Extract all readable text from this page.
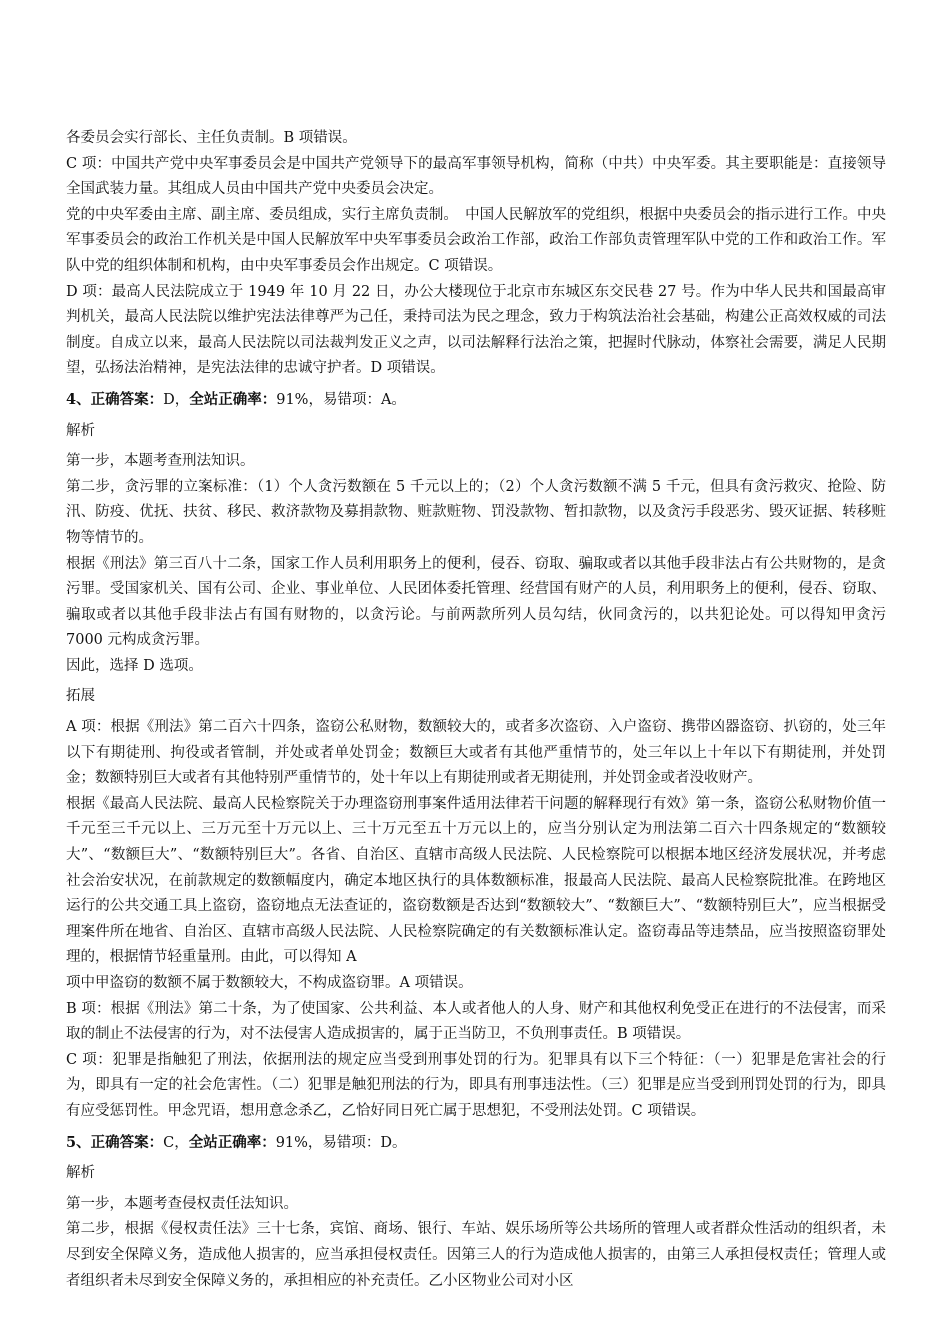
各委员会实行部长、主任负责制。B 项错误。

C 项：中国共产党中央军事委员会是中国共产党领导下的最高军事领导机构，简称（中共）中央军委。其主要职能是：直接领导全国武装力量。其组成人员由中国共产党中央委员会决定。

党的中央军委由主席、副主席、委员组成，实行主席负责制。　中国人民解放军的党组织，根据中央委员会的指示进行工作。中央军事委员会的政治工作机关是中国人民解放军中央军事委员会政治工作部，政治工作部负责管理军队中党的工作和政治工作。军队中党的组织体制和机构，由中央军事委员会作出规定。C 项错误。

D 项：最高人民法院成立于 1949 年 10 月 22 日，办公大楼现位于北京市东城区东交民巷 27 号。作为中华人民共和国最高审判机关，最高人民法院以维护宪法法律尊严为己任，秉持司法为民之理念，致力于构筑法治社会基础，构建公正高效权威的司法制度。自成立以来，最高人民法院以司法裁判发正义之声，以司法解释行法治之策，把握时代脉动，体察社会需要，满足人民期望，弘扬法治精神，是宪法法律的忠诚守护者。D 项错误。

4、正确答案：D，全站正确率：91%，易错项：A。

解析

第一步，本题考查刑法知识。

第二步，贪污罪的立案标准：（1）个人贪污数额在 5 千元以上的；（2）个人贪污数额不满 5 千元，但具有贪污救灾、抢险、防汛、防疫、优抚、扶贫、移民、救济款物及募捐款物、赃款赃物、罚没款物、暂扣款物，以及贪污手段恶劣、毁灭证据、转移赃物等情节的。

根据《刑法》第三百八十二条，国家工作人员利用职务上的便利，侵吞、窃取、骗取或者以其他手段非法占有公共财物的，是贪污罪。受国家机关、国有公司、企业、事业单位、人民团体委托管理、经营国有财产的人员，利用职务上的便利，侵吞、窃取、骗取或者以其他手段非法占有国有财物的，以贪污论。与前两款所列人员勾结，伙同贪污的，以共犯论处。可以得知甲贪污 7000 元构成贪污罪。

因此，选择 D 选项。

拓展

A 项：根据《刑法》第二百六十四条，盗窃公私财物，数额较大的，或者多次盗窃、入户盗窃、携带凶器盗窃、扒窃的，处三年以下有期徒刑、拘役或者管制，并处或者单处罚金；数额巨大或者有其他严重情节的，处三年以上十年以下有期徒刑，并处罚金；数额特别巨大或者有其他特别严重情节的，处十年以上有期徒刑或者无期徒刑，并处罚金或者没收财产。

根据《最高人民法院、最高人民检察院关于办理盗窃刑事案件适用法律若干问题的解释现行有效》第一条，盗窃公私财物价值一千元至三千元以上、三万元至十万元以上、三十万元至五十万元以上的，应当分别认定为刑法第二百六十四条规定的“数额较大”、“数额巨大”、“数额特别巨大”。各省、自治区、直辖市高级人民法院、人民检察院可以根据本地区经济发展状况，并考虑社会治安状况，在前款规定的数额幅度内，确定本地区执行的具体数额标准，报最高人民法院、最高人民检察院批准。在跨地区运行的公共交通工具上盗窃，盗窃地点无法查证的，盗窃数额是否达到“数额较大”、“数额巨大”、“数额特别巨大”，应当根据受理案件所在地省、自治区、直辖市高级人民法院、人民检察院确定的有关数额标准认定。盗窃毒品等违禁品，应当按照盗窃罪处理的，根据情节轻重量刑。由此，可以得知 A

项中甲盗窃的数额不属于数额较大，不构成盗窃罪。A 项错误。

B 项：根据《刑法》第二十条，为了使国家、公共利益、本人或者他人的人身、财产和其他权利免受正在进行的不法侵害，而采取的制止不法侵害的行为，对不法侵害人造成损害的，属于正当防卫，不负刑事责任。B 项错误。

C 项：犯罪是指触犯了刑法，依据刑法的规定应当受到刑事处罚的行为。犯罪具有以下三个特征：（一）犯罪是危害社会的行为，即具有一定的社会危害性。（二）犯罪是触犯刑法的行为，即具有刑事违法性。（三）犯罪是应当受到刑罚处罚的行为，即具有应受惩罚性。甲念咒语，想用意念杀乙，乙恰好同日死亡属于思想犯，不受刑法处罚。C 项错误。

5、正确答案：C，全站正确率：91%，易错项：D。

解析

第一步，本题考查侵权责任法知识。

第二步，根据《侵权责任法》三十七条，宾馆、商场、银行、车站、娱乐场所等公共场所的管理人或者群众性活动的组织者，未尽到安全保障义务，造成他人损害的，应当承担侵权责任。因第三人的行为造成他人损害的，由第三人承担侵权责任；管理人或者组织者未尽到安全保障义务的，承担相应的补充责任。乙小区物业公司对小区
